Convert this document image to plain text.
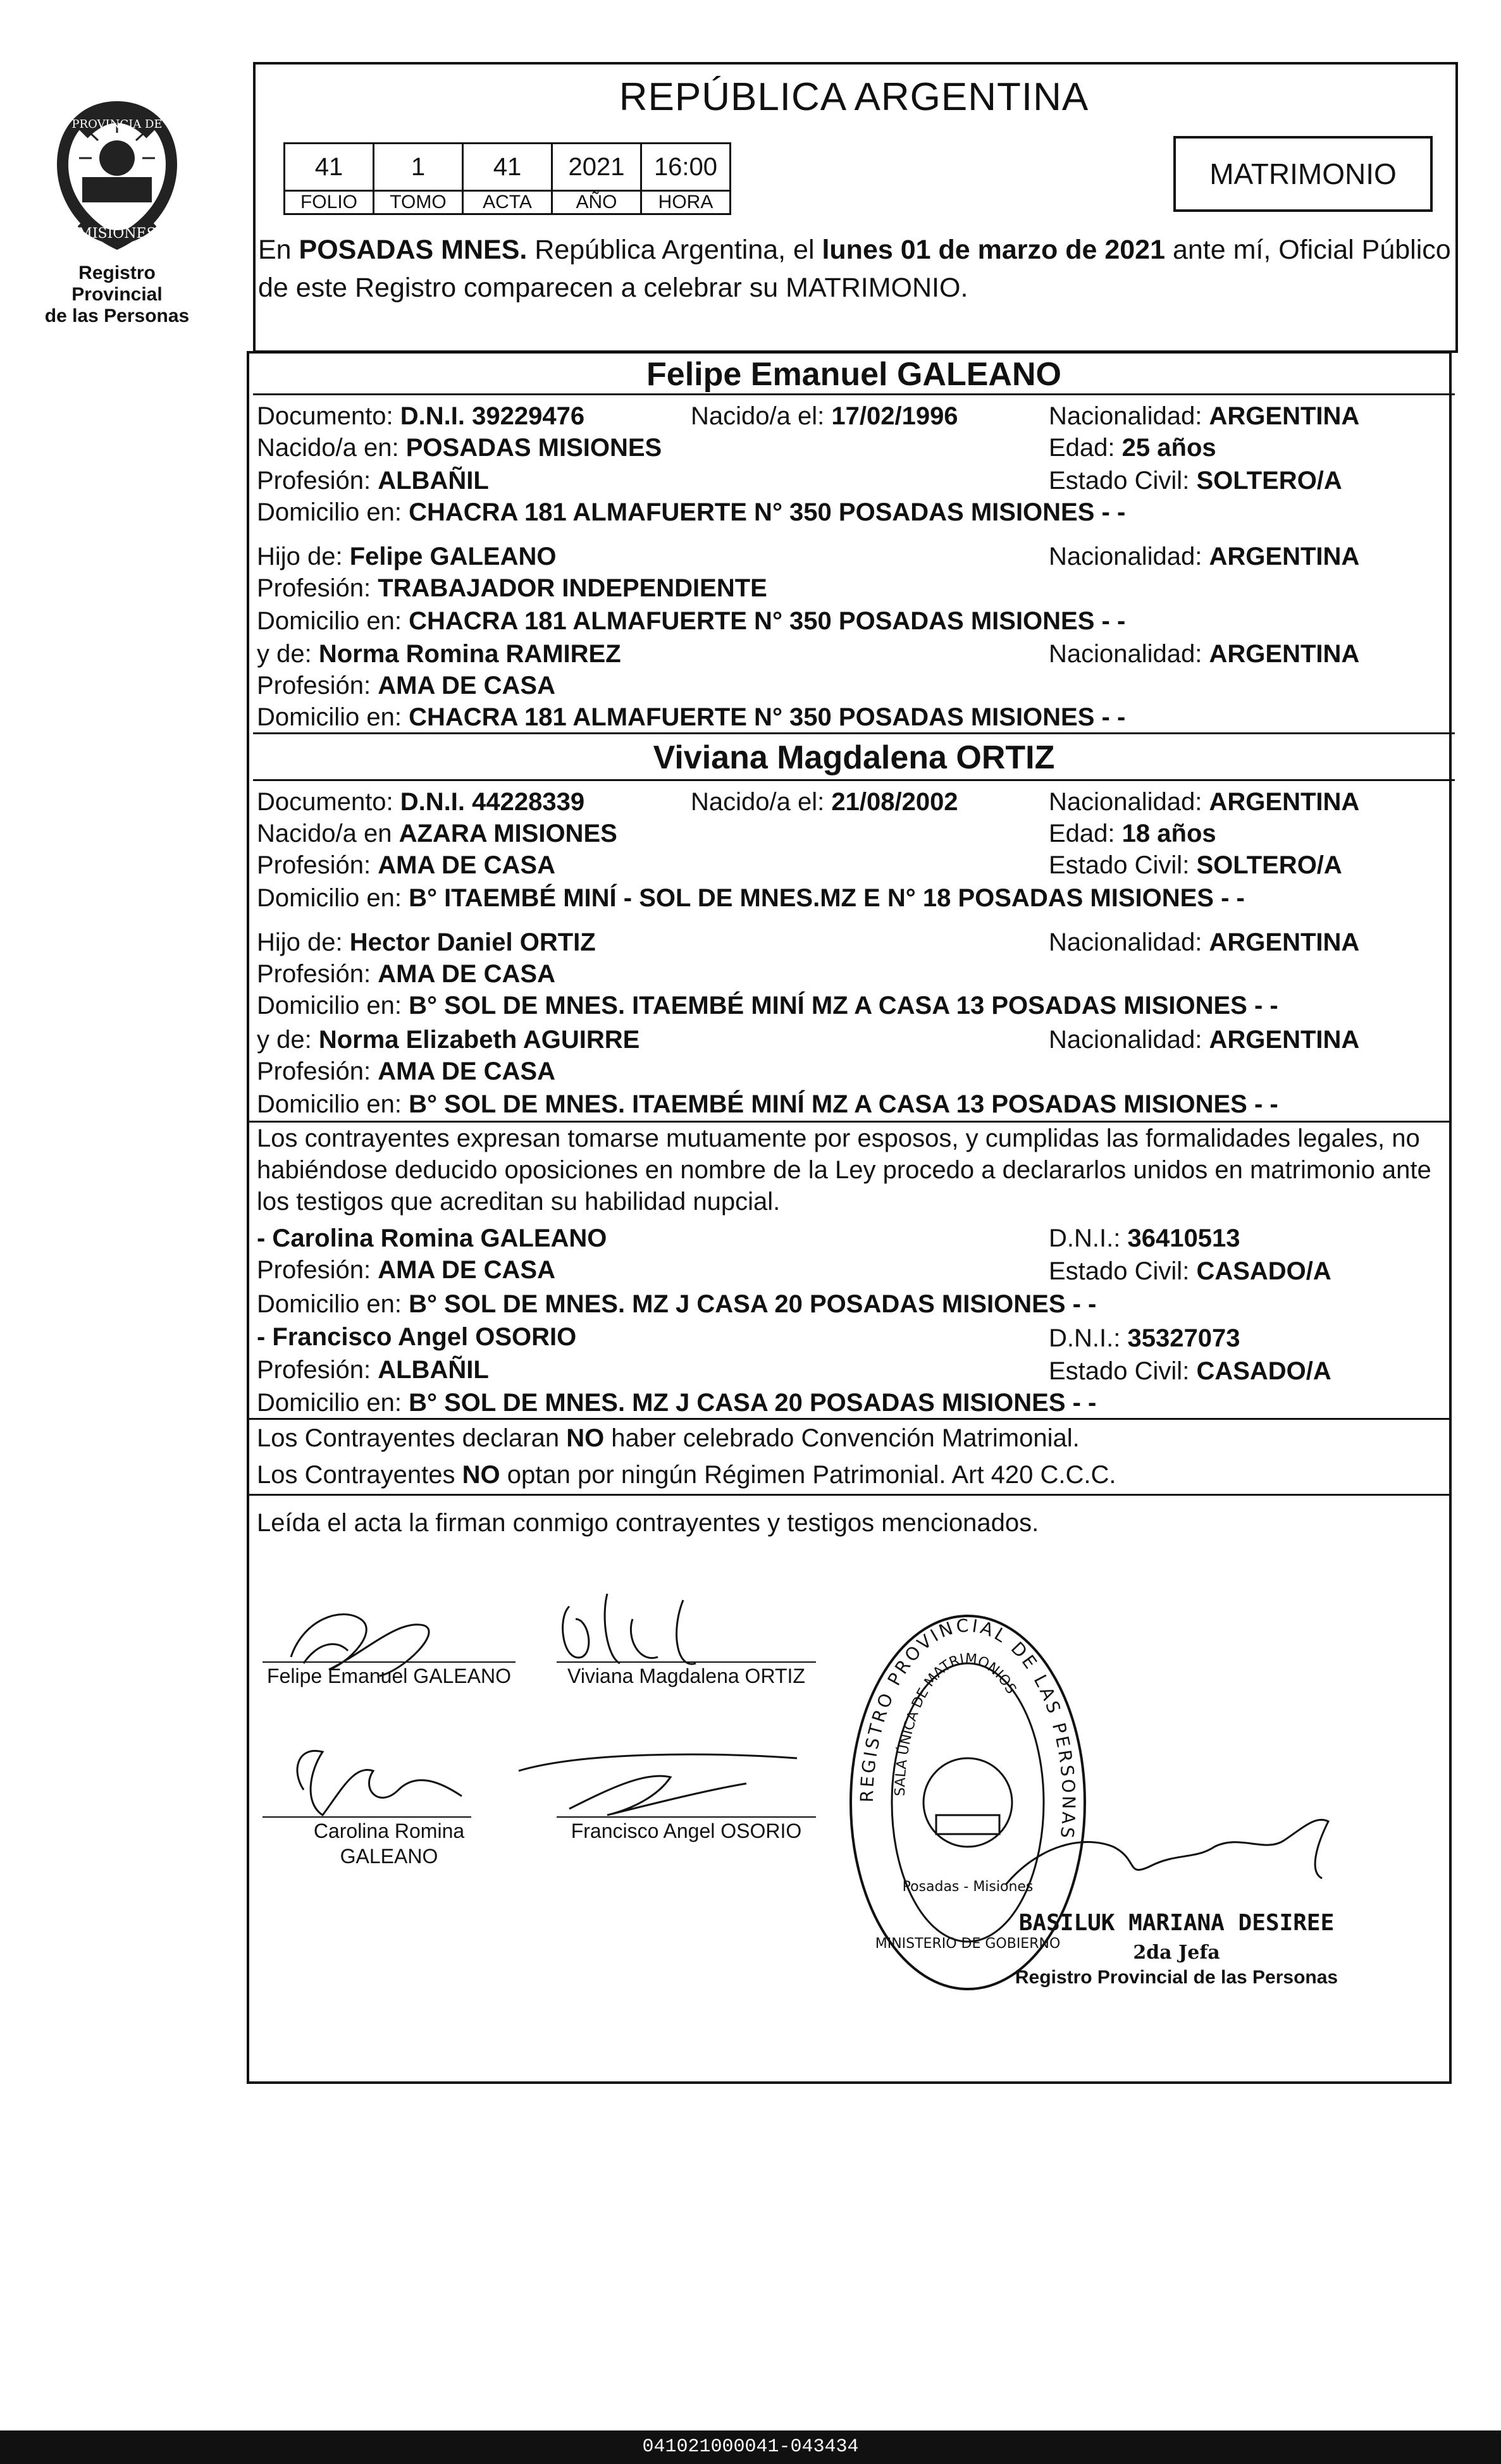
PROVINCIA DE
MISIONES
Registro Provincial
de las Personas
REPÚBLICA ARGENTINA
41	1	41	2021	16:00
FOLIO	TOMO	ACTA	AÑO	HORA
MATRIMONIO
En POSADAS MNES. República Argentina, el lunes 01 de marzo de 2021 ante mí, Oficial Público de este Registro comparecen a celebrar su MATRIMONIO.
Felipe Emanuel GALEANO
Documento: D.N.I. 39229476	Nacido/a el: 17/02/1996	Nacionalidad: ARGENTINA
Nacido/a en: POSADAS MISIONES	Edad: 25 años
Profesión: ALBAÑIL	Estado Civil: SOLTERO/A
Domicilio en: CHACRA 181 ALMAFUERTE N° 350 POSADAS MISIONES - -
Hijo de: Felipe GALEANO	Nacionalidad: ARGENTINA
Profesión: TRABAJADOR INDEPENDIENTE
Domicilio en: CHACRA 181 ALMAFUERTE N° 350 POSADAS MISIONES - -
y de: Norma Romina RAMIREZ	Nacionalidad: ARGENTINA
Profesión: AMA DE CASA
Domicilio en: CHACRA 181 ALMAFUERTE N° 350 POSADAS MISIONES - -
Viviana Magdalena ORTIZ
Documento: D.N.I. 44228339	Nacido/a el: 21/08/2002	Nacionalidad: ARGENTINA
Nacido/a en AZARA MISIONES	Edad: 18 años
Profesión: AMA DE CASA	Estado Civil: SOLTERO/A
Domicilio en: B° ITAEMBÉ MINÍ - SOL DE MNES.MZ E N° 18 POSADAS MISIONES - -
Hijo de: Hector Daniel ORTIZ	Nacionalidad: ARGENTINA
Profesión: AMA DE CASA
Domicilio en: B° SOL DE MNES. ITAEMBÉ MINÍ MZ A CASA 13 POSADAS MISIONES - -
y de: Norma Elizabeth AGUIRRE	Nacionalidad: ARGENTINA
Profesión: AMA DE CASA
Domicilio en: B° SOL DE MNES. ITAEMBÉ MINÍ MZ A CASA 13 POSADAS MISIONES - -
Los contrayentes expresan tomarse mutuamente por esposos, y cumplidas las formalidades legales, no
habiéndose deducido oposiciones en nombre de la Ley procedo a declararlos unidos en matrimonio ante
los testigos que acreditan su habilidad nupcial.
- Carolina Romina GALEANO	D.N.I.: 36410513
Profesión: AMA DE CASA	Estado Civil: CASADO/A
Domicilio en: B° SOL DE MNES. MZ J CASA 20 POSADAS MISIONES - -
- Francisco Angel OSORIO	D.N.I.: 35327073
Profesión: ALBAÑIL	Estado Civil: CASADO/A
Domicilio en: B° SOL DE MNES. MZ J CASA 20 POSADAS MISIONES - -
Los Contrayentes declaran NO haber celebrado Convención Matrimonial.
Los Contrayentes NO optan por ningún Régimen Patrimonial. Art 420 C.C.C.
Leída el acta la firman conmigo contrayentes y testigos mencionados.
Felipe Emanuel GALEANO	Viviana Magdalena ORTIZ
Carolina Romina
GALEANO
Francisco Angel OSORIO
REGISTRO PROVINCIAL DE LAS PERSONAS
SALA ÚNICA DE MATRIMONIOS
Posadas - Misiones
MINISTERIO DE GOBIERNO
BASILUK MARIANA DESIREE
2da Jefa
Registro Provincial de las Personas
041021000041-043434
